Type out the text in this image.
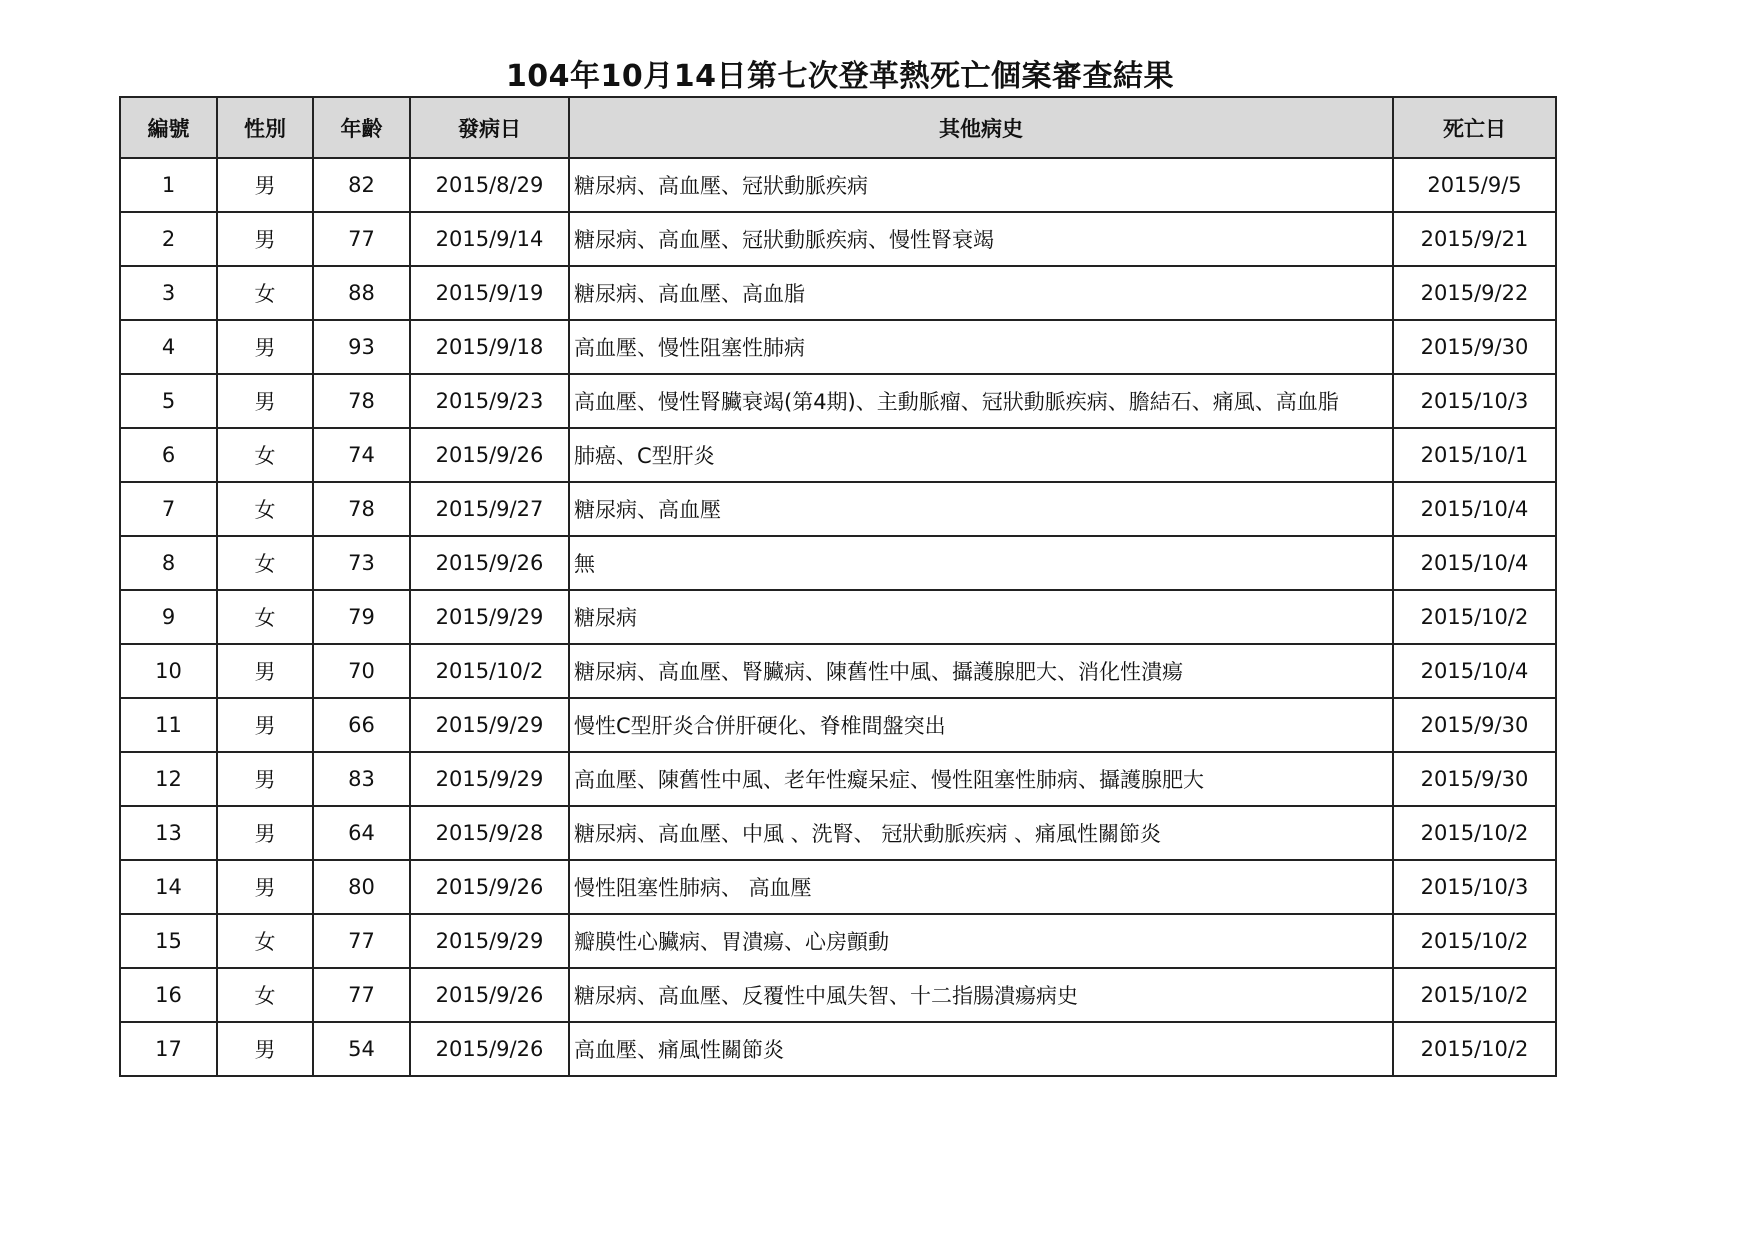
104年10月14日第七次登革熱死亡個案審查結果
編號	性別	年齡	發病日	其他病史	死亡日
1	男	82	2015/8/29	糖尿病、高血壓、冠狀動脈疾病	2015/9/5
2	男	77	2015/9/14	糖尿病、高血壓、冠狀動脈疾病、慢性腎衰竭	2015/9/21
3	女	88	2015/9/19	糖尿病、高血壓、高血脂	2015/9/22
4	男	93	2015/9/18	高血壓、慢性阻塞性肺病	2015/9/30
5	男	78	2015/9/23	高血壓、慢性腎臟衰竭(第4期)、主動脈瘤、冠狀動脈疾病、膽結石、痛風、高血脂	2015/10/3
6	女	74	2015/9/26	肺癌、C型肝炎	2015/10/1
7	女	78	2015/9/27	糖尿病、高血壓	2015/10/4
8	女	73	2015/9/26	無	2015/10/4
9	女	79	2015/9/29	糖尿病	2015/10/2
10	男	70	2015/10/2	糖尿病、高血壓、腎臟病、陳舊性中風、攝護腺肥大、消化性潰瘍	2015/10/4
11	男	66	2015/9/29	慢性C型肝炎合併肝硬化、脊椎間盤突出	2015/9/30
12	男	83	2015/9/29	高血壓、陳舊性中風、老年性癡呆症、慢性阻塞性肺病、攝護腺肥大	2015/9/30
13	男	64	2015/9/28	糖尿病、高血壓、中風 、洗腎、 冠狀動脈疾病 、痛風性關節炎	2015/10/2
14	男	80	2015/9/26	慢性阻塞性肺病、 高血壓	2015/10/3
15	女	77	2015/9/29	瓣膜性心臟病、胃潰瘍、心房顫動	2015/10/2
16	女	77	2015/9/26	糖尿病、高血壓、反覆性中風失智、十二指腸潰瘍病史	2015/10/2
17	男	54	2015/9/26	高血壓、痛風性關節炎	2015/10/2
